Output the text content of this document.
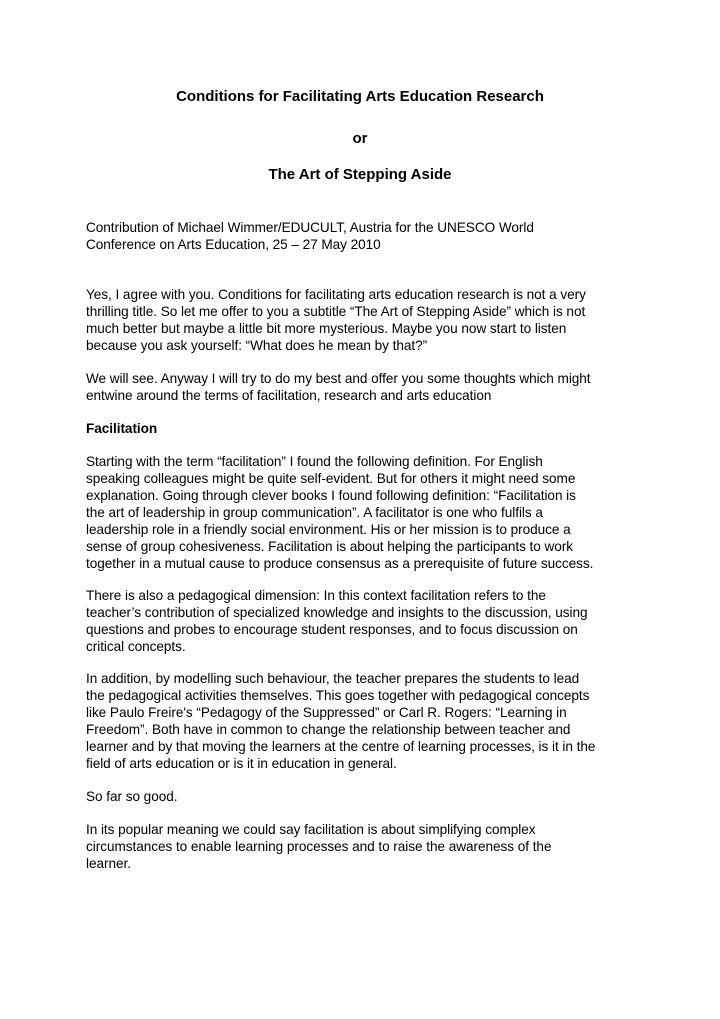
Conditions for Facilitating Arts Education Research
or
The Art of Stepping Aside
Contribution of Michael Wimmer/EDUCULT, Austria for the UNESCO World
Conference on Arts Education, 25 – 27 May 2010
Yes, I agree with you. Conditions for facilitating arts education research is not a very
thrilling title. So let me offer to you a subtitle “The Art of Stepping Aside” which is not
much better but maybe a little bit more mysterious. Maybe you now start to listen
because you ask yourself: “What does he mean by that?”
We will see. Anyway I will try to do my best and offer you some thoughts which might
entwine around the terms of facilitation, research and arts education
Facilitation
Starting with the term “facilitation” I found the following definition. For English
speaking colleagues might be quite self-evident. But for others it might need some
explanation. Going through clever books I found following definition: “Facilitation is
the art of leadership in group communication”. A facilitator is one who fulfils a
leadership role in a friendly social environment. His or her mission is to produce a
sense of group cohesiveness. Facilitation is about helping the participants to work
together in a mutual cause to produce consensus as a prerequisite of future success.
There is also a pedagogical dimension: In this context facilitation refers to the
teacher’s contribution of specialized knowledge and insights to the discussion, using
questions and probes to encourage student responses, and to focus discussion on
critical concepts.
In addition, by modelling such behaviour, the teacher prepares the students to lead
the pedagogical activities themselves. This goes together with pedagogical concepts
like Paulo Freire's “Pedagogy of the Suppressed” or Carl R. Rogers: “Learning in
Freedom”. Both have in common to change the relationship between teacher and
learner and by that moving the learners at the centre of learning processes, is it in the
field of arts education or is it in education in general.
So far so good.
In its popular meaning we could say facilitation is about simplifying complex
circumstances to enable learning processes and to raise the awareness of the
learner.
